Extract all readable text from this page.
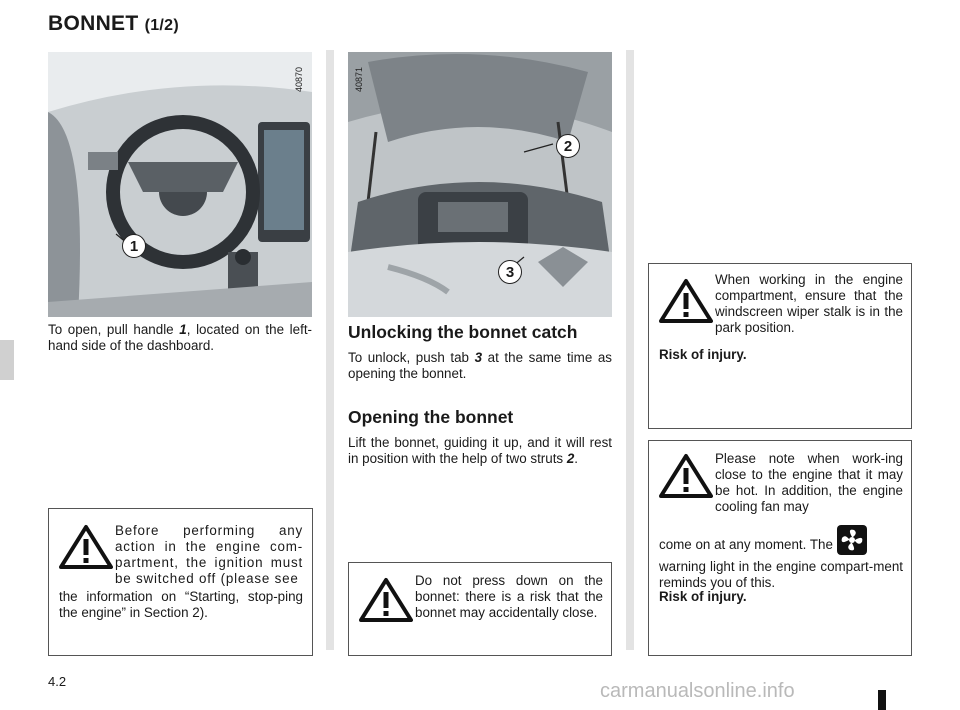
BONNET (1/2)
40870
1
40871
2
3
To open, pull handle 1, located on the left-hand side of the dashboard.
Unlocking the bonnet catch
To unlock, push tab 3 at the same time as opening the bonnet.
Opening the bonnet
Lift the bonnet, guiding it up, and it will rest in position with the help of two struts 2.
Before performing any action in the engine com-partment, the ignition must be switched off (please see
the information on “Starting, stop-ping the engine” in Section 2).
Do not press down on the bonnet: there is a risk that the bonnet may accidentally close.
When working in the engine compartment, ensure that the windscreen wiper stalk is in the park position.
Risk of injury.
Please note when work-ing close to the engine that it may be hot. In addition, the engine cooling fan may
come on at any moment. The
warning light in the engine compart-ment reminds you of this.
Risk of injury.
4.2	carmanualsonline.info
